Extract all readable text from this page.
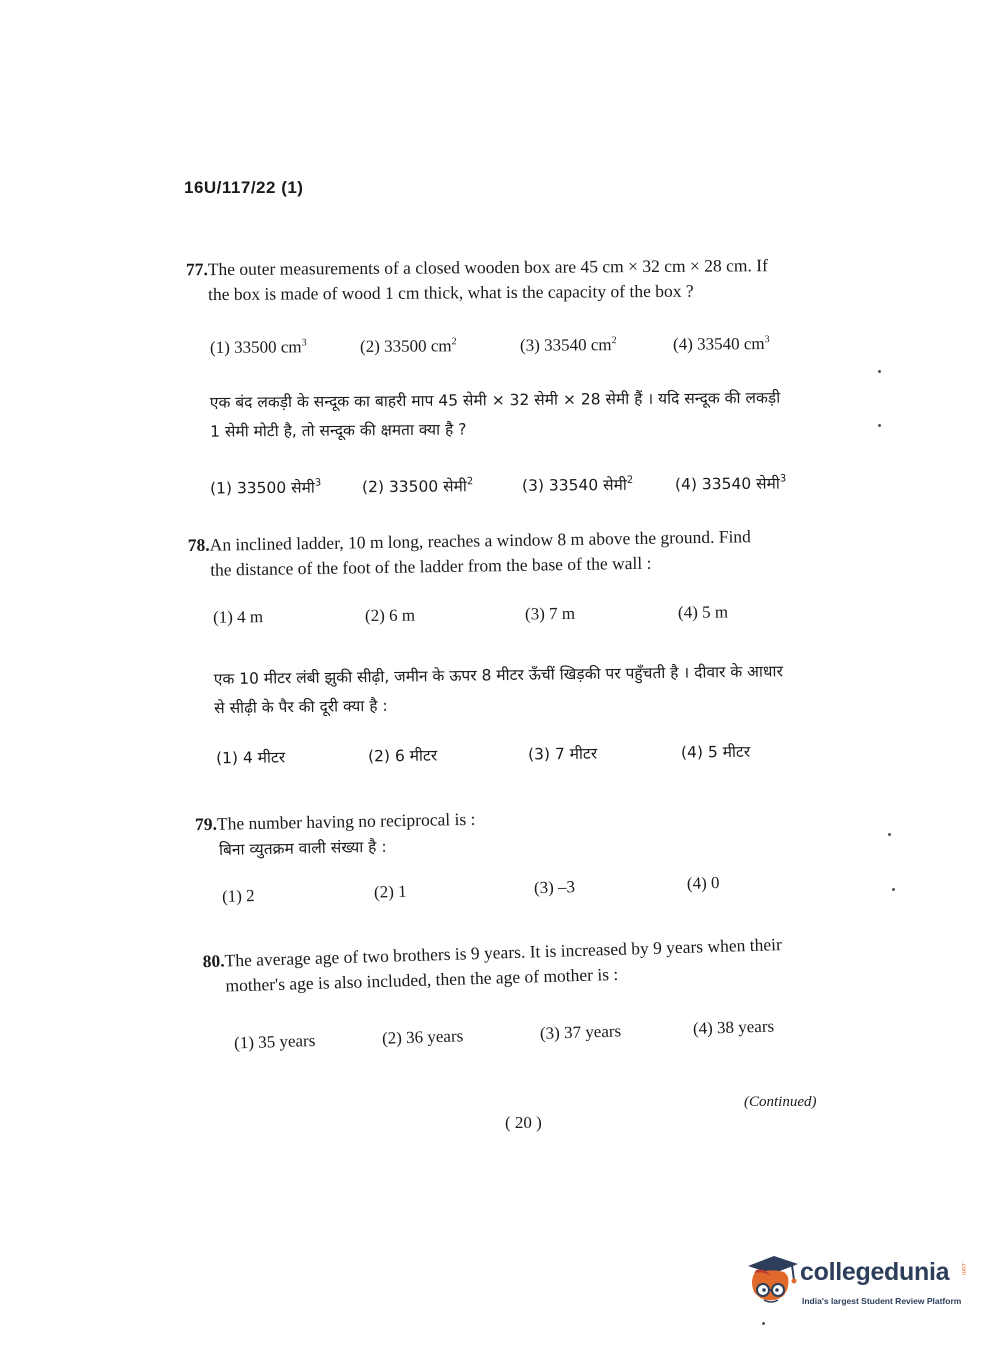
16U/117/22 (1)
77.The outer measurements of a closed wooden box are 45 cm × 32 cm × 28 cm. If
the box is made of wood 1 cm thick, what is the capacity of the box ?
(1) 33500 $cm^3$	(2) 33500 $cm^2$	(3) 33540 $cm^2$	(4) 33540 $cm^3$
एक बंद लकड़ी के सन्दूक का बाहरी माप 45 सेमी × 32 सेमी × 28 सेमी हैं । यदि सन्दूक की लकड़ी
1 सेमी मोटी है, तो सन्दूक की क्षमता क्या है ?
(1) 33500 सेमी$^3$	(2) 33500 सेमी$^2$	(3) 33540 सेमी$^2$	(4) 33540 सेमी$^3$
78.An inclined ladder, 10 m long, reaches a window 8 m above the ground. Find
the distance of the foot of the ladder from the base of the wall :
(1) 4 m	(2) 6 m	(3) 7 m	(4) 5 m
एक 10 मीटर लंबी झुकी सीढ़ी, जमीन के ऊपर 8 मीटर ऊँचीं खिड़की पर पहुँचती है । दीवार के आधार
से सीढ़ी के पैर की दूरी क्या है :
(1) 4 मीटर	(2) 6 मीटर	(3) 7 मीटर	(4) 5 मीटर
79.The number having no reciprocal is :
बिना व्युतक्रम वाली संख्या है :
(1) 2	(2) 1	(3) –3	(4) 0
80.The average age of two brothers is 9 years. It is increased by 9 years when their
mother's age is also included, then the age of mother is :
(1) 35 years	(2) 36 years	(3) 37 years	(4) 38 years
(Continued)
( 20 )
collegedunia .com
India's largest Student Review Platform
